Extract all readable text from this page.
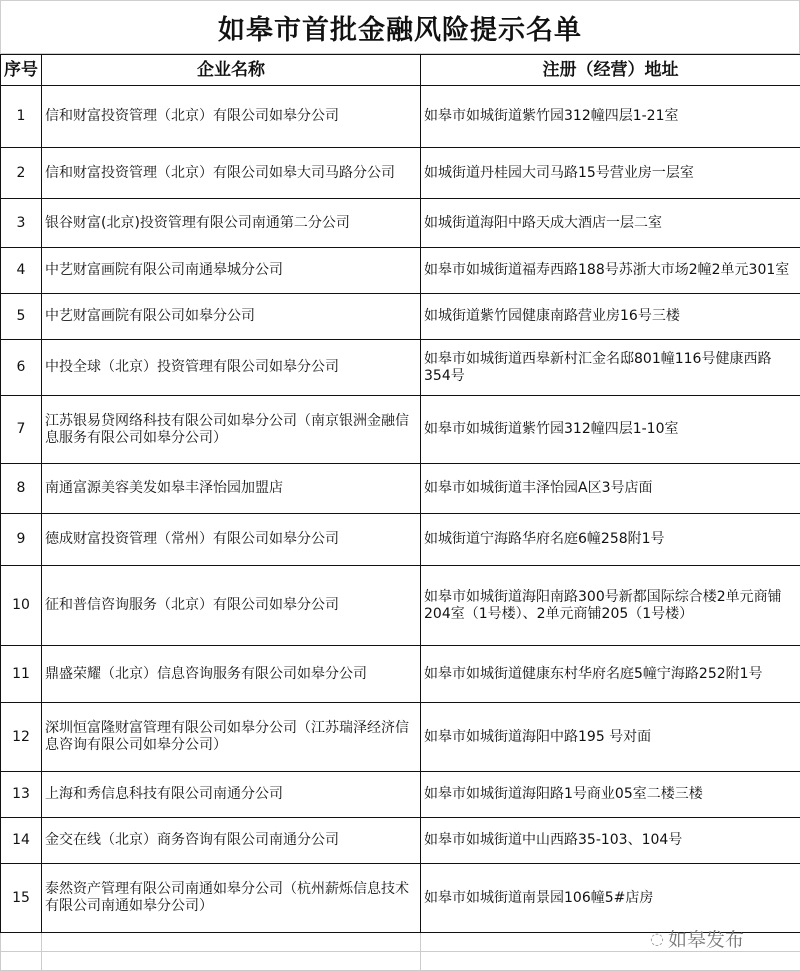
如皋市首批金融风险提示名单
序号	企业名称	注册（经营）地址
1	信和财富投资管理（北京）有限公司如皋分公司	如皋市如城街道紫竹园312幢四层1-21室
2	信和财富投资管理（北京）有限公司如皋大司马路分公司	如城街道丹桂园大司马路15号营业房一层室
3	银谷财富(北京)投资管理有限公司南通第二分公司	如城街道海阳中路天成大酒店一层二室
4	中艺财富画院有限公司南通皋城分公司	如皋市如城街道福寿西路188号苏浙大市场2幢2单元301室
5	中艺财富画院有限公司如皋分公司	如城街道紫竹园健康南路营业房16号三楼
6	中投全球（北京）投资管理有限公司如皋分公司	如皋市如城街道西皋新村汇金名邸801幢116号健康西路354号
7	江苏银易贷网络科技有限公司如皋分公司（南京银洲金融信息服务有限公司如皋分公司）	如皋市如城街道紫竹园312幢四层1-10室
8	南通富源美容美发如皋丰泽怡园加盟店	如皋市如城街道丰泽怡园A区3号店面
9	德成财富投资管理（常州）有限公司如皋分公司	如城街道宁海路华府名庭6幢258附1号
10	征和普信咨询服务（北京）有限公司如皋分公司	如皋市如城街道海阳南路300号新都国际综合楼2单元商铺204室（1号楼）、2单元商铺205（1号楼）
11	鼎盛荣耀（北京）信息咨询服务有限公司如皋分公司	如皋市如城街道健康东村华府名庭5幢宁海路252附1号
12	深圳恒富隆财富管理有限公司如皋分公司（江苏瑞泽经济信息咨询有限公司如皋分公司）	如皋市如城街道海阳中路195 号对面
13	上海和秀信息科技有限公司南通分公司	如皋市如城街道海阳路1号商业05室二楼三楼
14	金交在线（北京）商务咨询有限公司南通分公司	如皋市如城街道中山西路35-103、104号
15	泰然资产管理有限公司南通如皋分公司（杭州薪烁信息技术有限公司南通如皋分公司）	如皋市如城街道南景园106幢5#店房

◌ 如皋发布
